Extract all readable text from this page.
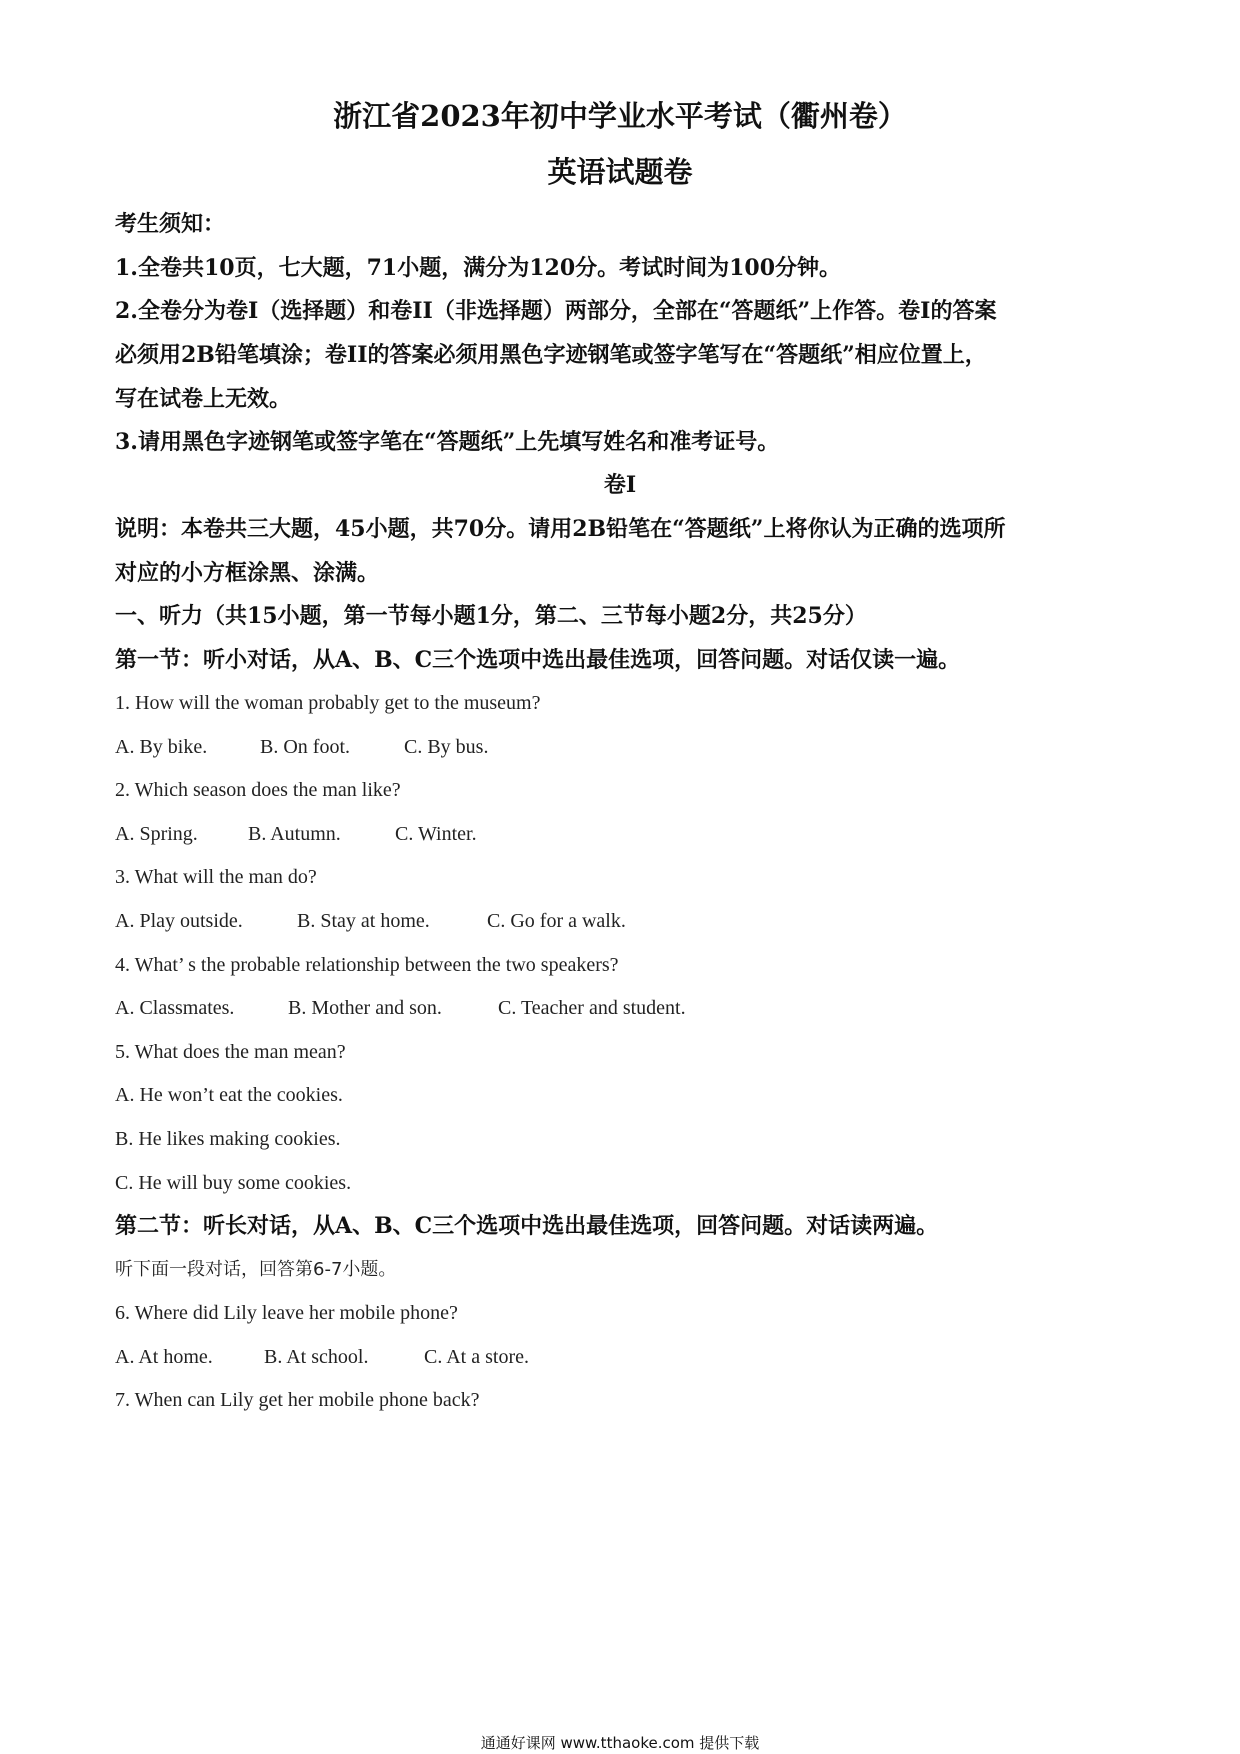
浙江省2023年初中学业水平考试（衢州卷）
英语试题卷
考生须知：
1.全卷共10页，七大题，71小题，满分为120分。考试时间为100分钟。
2.全卷分为卷I（选择题）和卷II（非选择题）两部分，全部在“答题纸”上作答。卷I的答案
必须用2B铅笔填涂；卷II的答案必须用黑色字迹钢笔或签字笔写在“答题纸”相应位置上，
写在试卷上无效。
3.请用黑色字迹钢笔或签字笔在“答题纸”上先填写姓名和准考证号。
卷I
说明：本卷共三大题，45小题，共70分。请用2B铅笔在“答题纸”上将你认为正确的选项所
对应的小方框涂黑、涂满。
一、听力（共15小题，第一节每小题1分，第二、三节每小题2分，共25分）
第一节：听小对话，从A、B、C三个选项中选出最佳选项，回答问题。对话仅读一遍。
1. How will the woman probably get to the museum?
A. By bike.	B. On foot.	C. By bus.
2. Which season does the man like?
A. Spring.	B. Autumn.	C. Winter.
3. What will the man do?
A. Play outside.	B. Stay at home.	C. Go for a walk.
4. What’ s the probable relationship between the two speakers?
A. Classmates.	B. Mother and son.	C. Teacher and student.
5. What does the man mean?
A. He won’t eat the cookies.
B. He likes making cookies.
C. He will buy some cookies.
第二节：听长对话，从A、B、C三个选项中选出最佳选项，回答问题。对话读两遍。
听下面一段对话，回答第6-7小题。
6. Where did Lily leave her mobile phone?
A. At home.	B. At school.	C. At a store.
7. When can Lily get her mobile phone back?
通通好课网 www.tthaoke.com 提供下载
